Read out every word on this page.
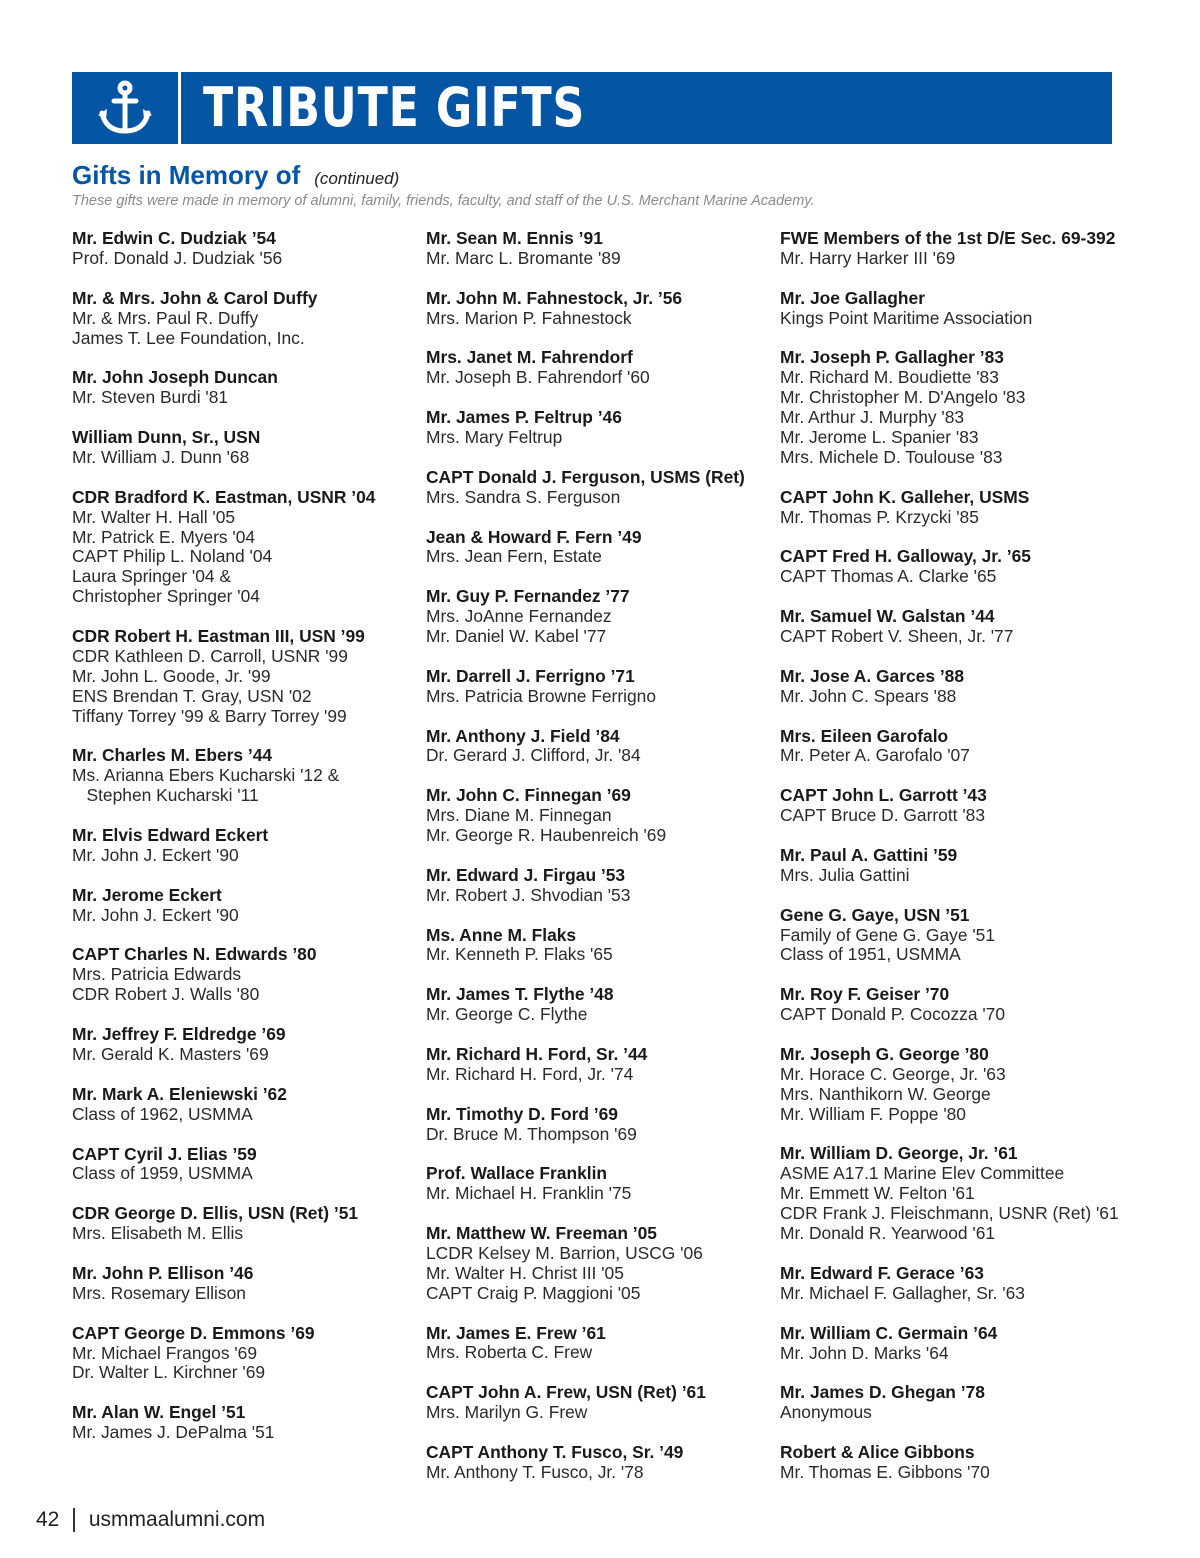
TRIBUTE GIFTS
Gifts in Memory of (continued)
These gifts were made in memory of alumni, family, friends, faculty, and staff of the U.S. Merchant Marine Academy.
Mr. Edwin C. Dudziak ’54
Prof. Donald J. Dudziak '56
Mr. & Mrs. John & Carol Duffy
Mr. & Mrs. Paul R. Duffy
James T. Lee Foundation, Inc.
Mr. John Joseph Duncan
Mr. Steven Burdi '81
William Dunn, Sr., USN
Mr. William J. Dunn '68
CDR Bradford K. Eastman, USNR ’04
Mr. Walter H. Hall '05
Mr. Patrick E. Myers '04
CAPT Philip L. Noland '04
Laura Springer '04 &
Christopher Springer '04
CDR Robert H. Eastman III, USN ’99
CDR Kathleen D. Carroll, USNR '99
Mr. John L. Goode, Jr. '99
ENS Brendan T. Gray, USN '02
Tiffany Torrey '99 & Barry Torrey '99
Mr. Charles M. Ebers ’44
Ms. Arianna Ebers Kucharski '12 &
Stephen Kucharski '11
Mr. Elvis Edward Eckert
Mr. John J. Eckert '90
Mr. Jerome Eckert
Mr. John J. Eckert '90
CAPT Charles N. Edwards ’80
Mrs. Patricia Edwards
CDR Robert J. Walls '80
Mr. Jeffrey F. Eldredge ’69
Mr. Gerald K. Masters '69
Mr. Mark A. Eleniewski ’62
Class of 1962, USMMA
CAPT Cyril J. Elias ’59
Class of 1959, USMMA
CDR George D. Ellis, USN (Ret) ’51
Mrs. Elisabeth M. Ellis
Mr. John P. Ellison ’46
Mrs. Rosemary Ellison
CAPT George D. Emmons ’69
Mr. Michael Frangos '69
Dr. Walter L. Kirchner '69
Mr. Alan W. Engel ’51
Mr. James J. DePalma '51
Mr. Sean M. Ennis ’91
Mr. Marc L. Bromante '89
Mr. John M. Fahnestock, Jr. ’56
Mrs. Marion P. Fahnestock
Mrs. Janet M. Fahrendorf
Mr. Joseph B. Fahrendorf '60
Mr. James P. Feltrup ’46
Mrs. Mary Feltrup
CAPT Donald J. Ferguson, USMS (Ret)
Mrs. Sandra S. Ferguson
Jean & Howard F. Fern ’49
Mrs. Jean Fern, Estate
Mr. Guy P. Fernandez ’77
Mrs. JoAnne Fernandez
Mr. Daniel W. Kabel '77
Mr. Darrell J. Ferrigno ’71
Mrs. Patricia Browne Ferrigno
Mr. Anthony J. Field ’84
Dr. Gerard J. Clifford, Jr. '84
Mr. John C. Finnegan ’69
Mrs. Diane M. Finnegan
Mr. George R. Haubenreich '69
Mr. Edward J. Firgau ’53
Mr. Robert J. Shvodian '53
Ms. Anne M. Flaks
Mr. Kenneth P. Flaks '65
Mr. James T. Flythe ’48
Mr. George C. Flythe
Mr. Richard H. Ford, Sr. ’44
Mr. Richard H. Ford, Jr. '74
Mr. Timothy D. Ford ’69
Dr. Bruce M. Thompson '69
Prof. Wallace Franklin
Mr. Michael H. Franklin '75
Mr. Matthew W. Freeman ’05
LCDR Kelsey M. Barrion, USCG '06
Mr. Walter H. Christ III '05
CAPT Craig P. Maggioni '05
Mr. James E. Frew ’61
Mrs. Roberta C. Frew
CAPT John A. Frew, USN (Ret) ’61
Mrs. Marilyn G. Frew
CAPT Anthony T. Fusco, Sr. ’49
Mr. Anthony T. Fusco, Jr. '78
FWE Members of the 1st D/E Sec. 69-392
Mr. Harry Harker III '69
Mr. Joe Gallagher
Kings Point Maritime Association
Mr. Joseph P. Gallagher ’83
Mr. Richard M. Boudiette '83
Mr. Christopher M. D'Angelo '83
Mr. Arthur J. Murphy '83
Mr. Jerome L. Spanier '83
Mrs. Michele D. Toulouse '83
CAPT John K. Galleher, USMS
Mr. Thomas P. Krzycki '85
CAPT Fred H. Galloway, Jr. ’65
CAPT Thomas A. Clarke '65
Mr. Samuel W. Galstan ’44
CAPT Robert V. Sheen, Jr. '77
Mr. Jose A. Garces ’88
Mr. John C. Spears '88
Mrs. Eileen Garofalo
Mr. Peter A. Garofalo '07
CAPT John L. Garrott ’43
CAPT Bruce D. Garrott '83
Mr. Paul A. Gattini ’59
Mrs. Julia Gattini
Gene G. Gaye, USN ’51
Family of Gene G. Gaye '51
Class of 1951, USMMA
Mr. Roy F. Geiser ’70
CAPT Donald P. Cocozza '70
Mr. Joseph G. George ’80
Mr. Horace C. George, Jr. '63
Mrs. Nanthikorn W. George
Mr. William F. Poppe '80
Mr. William D. George, Jr. ’61
ASME A17.1 Marine Elev Committee
Mr. Emmett W. Felton '61
CDR Frank J. Fleischmann, USNR (Ret) '61
Mr. Donald R. Yearwood '61
Mr. Edward F. Gerace ’63
Mr. Michael F. Gallagher, Sr. '63
Mr. William C. Germain ’64
Mr. John D. Marks '64
Mr. James D. Ghegan ’78
Anonymous
Robert & Alice Gibbons
Mr. Thomas E. Gibbons '70
42 usmmaalumni.com
